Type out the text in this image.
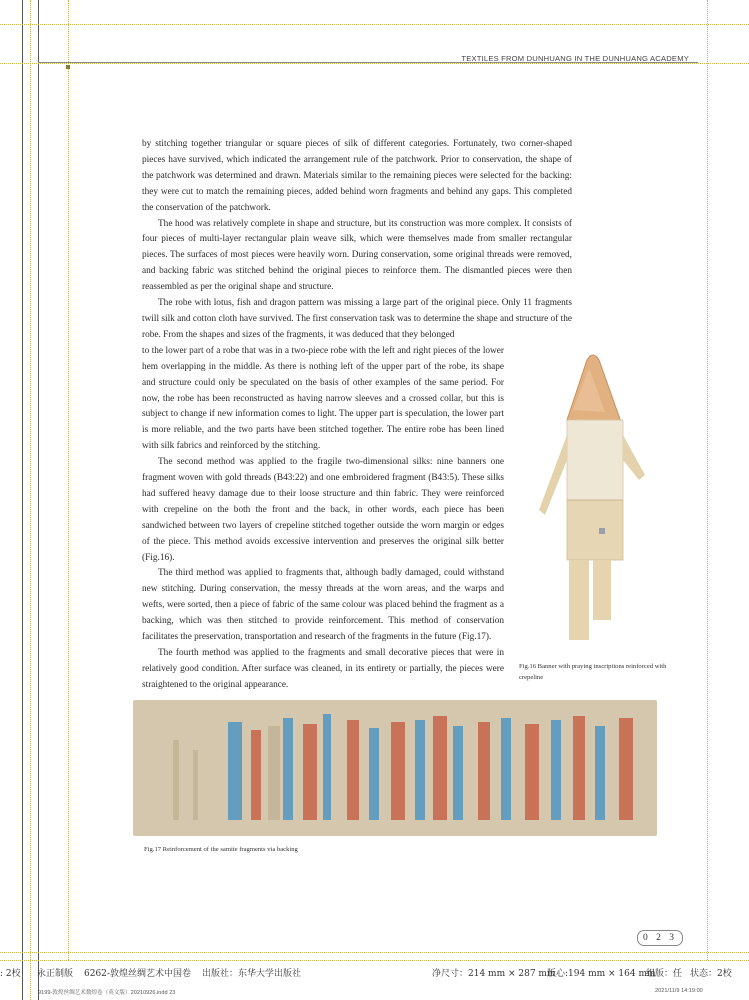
TEXTILES FROM DUNHUANG IN THE DUNHUANG ACADEMY

by stitching together triangular or square pieces of silk of different categories. Fortunately, two corner-shaped pieces have survived, which indicated the arrangement rule of the patchwork. Prior to conservation, the shape of the patchwork was determined and drawn. Materials similar to the remaining pieces were selected for the backing: they were cut to match the remaining pieces, added behind worn fragments and behind any gaps. This completed the conservation of the patchwork.

The hood was relatively complete in shape and structure, but its construction was more complex. It consists of four pieces of multi-layer rectangular plain weave silk, which were themselves made from smaller rectangular pieces. The surfaces of most pieces were heavily worn. During conservation, some original threads were removed, and backing fabric was stitched behind the original pieces to reinforce them. The dismantled pieces were then reassembled as per the original shape and structure.

The robe with lotus, fish and dragon pattern was missing a large part of the original piece. Only 11 fragments twill silk and cotton cloth have survived. The first conservation task was to determine the shape and structure of the robe. From the shapes and sizes of the fragments, it was deduced that they belonged
to the lower part of a robe that was in a two-piece robe with the left and right pieces of the lower hem overlapping in the middle. As there is nothing left of the upper part of the robe, its shape and structure could only be speculated on the basis of other examples of the same period. For now, the robe has been reconstructed as having narrow sleeves and a crossed collar, but this is subject to change if new information comes to light. The upper part is speculation, the lower part is more reliable, and the two parts have been stitched together. The entire robe has been lined with silk fabrics and reinforced by the stitching.

The second method was applied to the fragile two-dimensional silks: nine banners one fragment woven with gold threads (B43:22) and one embroidered fragment (B43:5). These silks had suffered heavy damage due to their loose structure and thin fabric. They were reinforced with crepeline on the both the front and the back, in other words, each piece has been sandwiched between two layers of crepeline stitched together outside the worn margin or edges of the piece. This method avoids excessive intervention and preserves the original silk better (Fig.16).

The third method was applied to fragments that, although badly damaged, could withstand new stitching. During conservation, the messy threads at the worn areas, and the warps and wefts, were sorted, then a piece of fabric of the same colour was placed behind the fragment as a backing, which was then stitched to provide reinforcement. This method of conservation facilitates the preservation, transportation and research of the fragments in the future (Fig.17).

The fourth method was applied to the fragments and small decorative pieces that were in relatively good condition. After surface was cleaned, in its entirety or partially, the pieces were straightened to the original appearance.

Fig.16 Banner with praying inscriptions reinforced with crepeline
Fig.17 Reinforcement of the samite fragments via backing
0 2 3
: 2校 永正制版 6262-敦煌丝绸艺术中国卷 出版社：东华大学出版社	净尺寸：214 mm × 287 mm
版心:194 mm × 164 mm
组版：任 状态：2校
9199-敦煌丝绸艺术数煌卷（英文版）20210926.indd 23	2021/11/9 14:19:00
